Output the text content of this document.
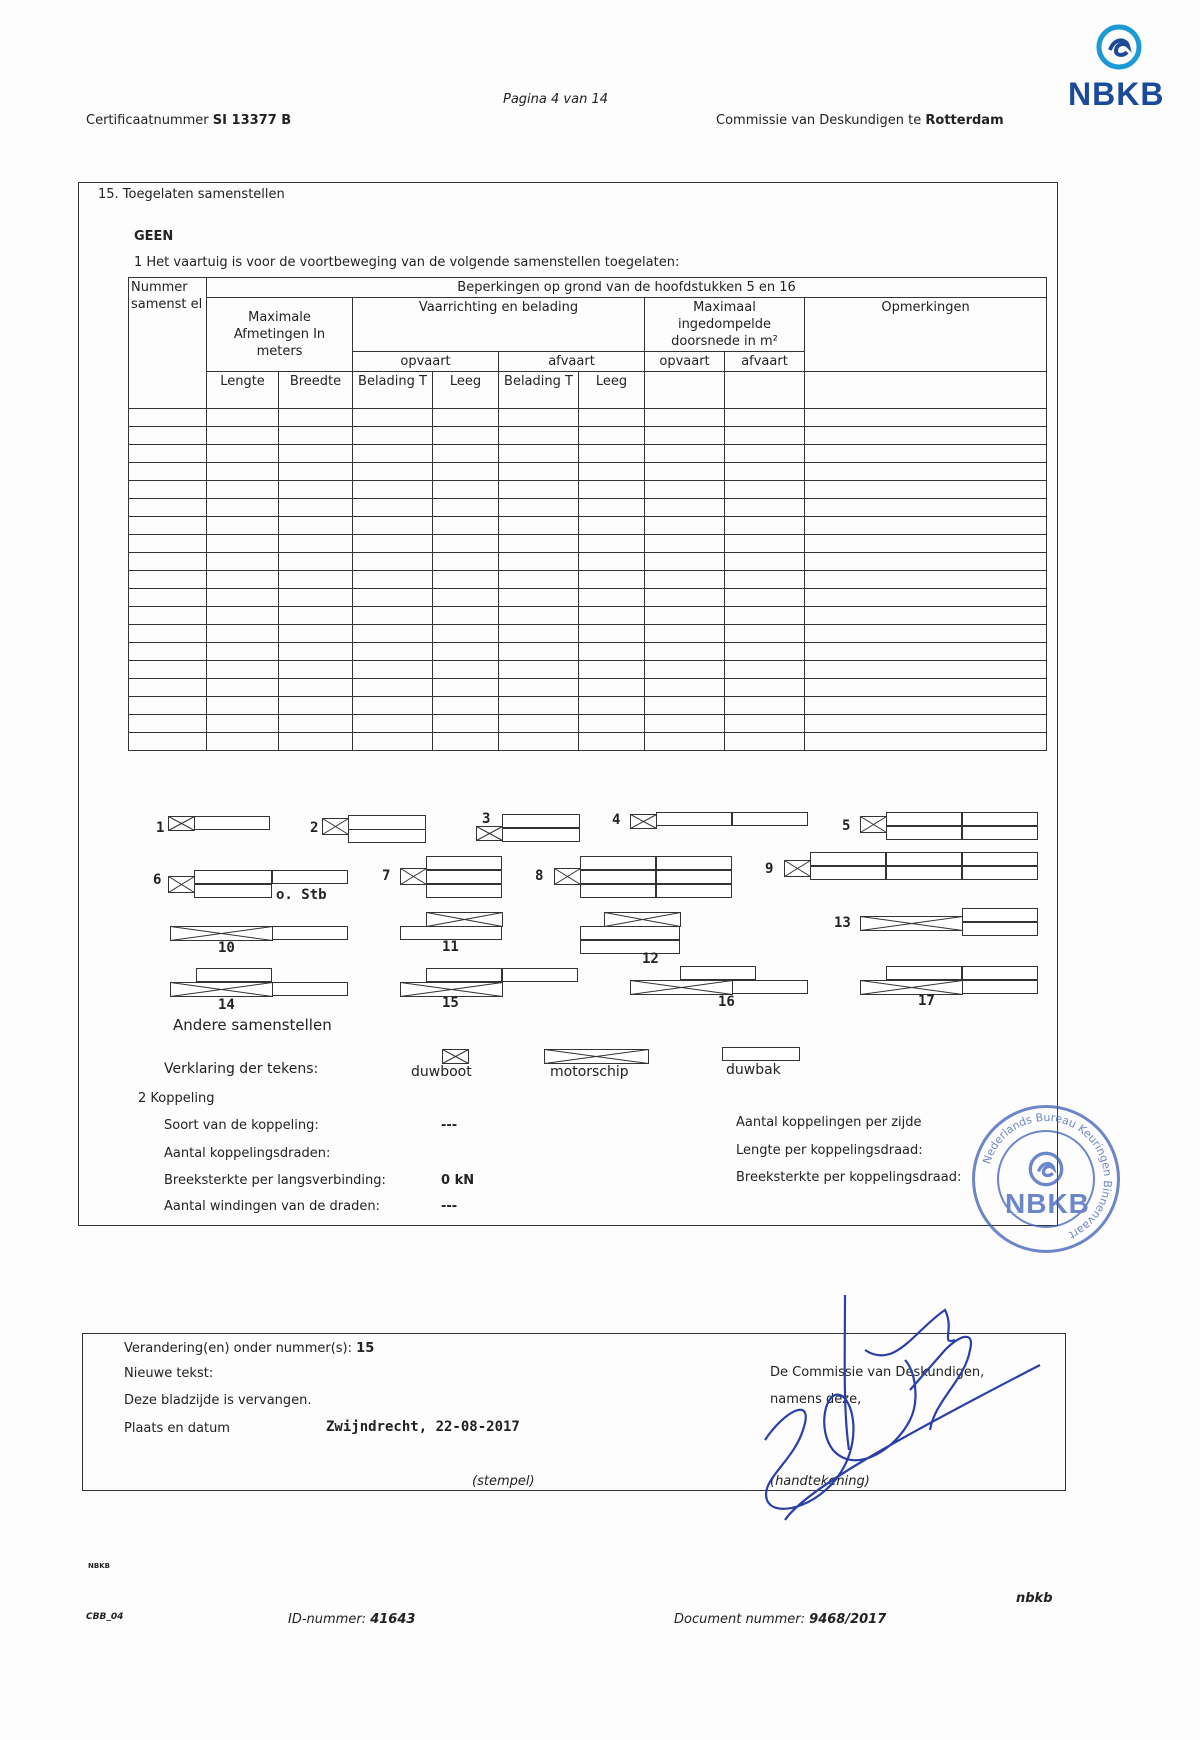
Pagina 4 van 14
Certificaatnummer SI 13377 B	Commissie van Deskundigen te Rotterdam
NBKB
15. Toegelaten samenstellen
GEEN
1 Het vaartuig is voor de voortbeweging van de volgende samenstellen toegelaten:
Nummer samenst el	Beperkingen op grond van de hoofdstukken 5 en 16								
	Maximale Afmetingen In meters		Vaarrichting en belading				Maximaal ingedompelde doorsnede in m²		Opmerkingen
			opvaart		afvaart		opvaart	afvaart	
	Lengte	Breedte	Belading T	Leeg	Belading T	Leeg			

1	2
3	4	5
6
o. Stb
7	8	9
10	11
12
13
14	15	16	17
Andere samenstellen
Verklaring der tekens:	duwboot	motorschip	duwbak
2 Koppeling
Soort van de koppeling:	---
Aantal koppelingsdraden:
Breeksterkte per langsverbinding:	0 kN
Aantal windingen van de draden:	---
Aantal koppelingen per zijde
Lengte per koppelingsdraad:
Breeksterkte per koppelingsdraad:
Nederlands Bureau Keuringen Binnenvaart
NBKB
Verandering(en) onder nummer(s): 15
Nieuwe tekst:
Deze bladzijde is vervangen.
Plaats en datum	Zwijndrecht, 22-08-2017
(stempel)
De Commissie van Deskundigen,
namens deze,
(handtekening)
NBKB
CBB_04	ID-nummer: 41643	Document nummer: 9468/2017
nbkb
